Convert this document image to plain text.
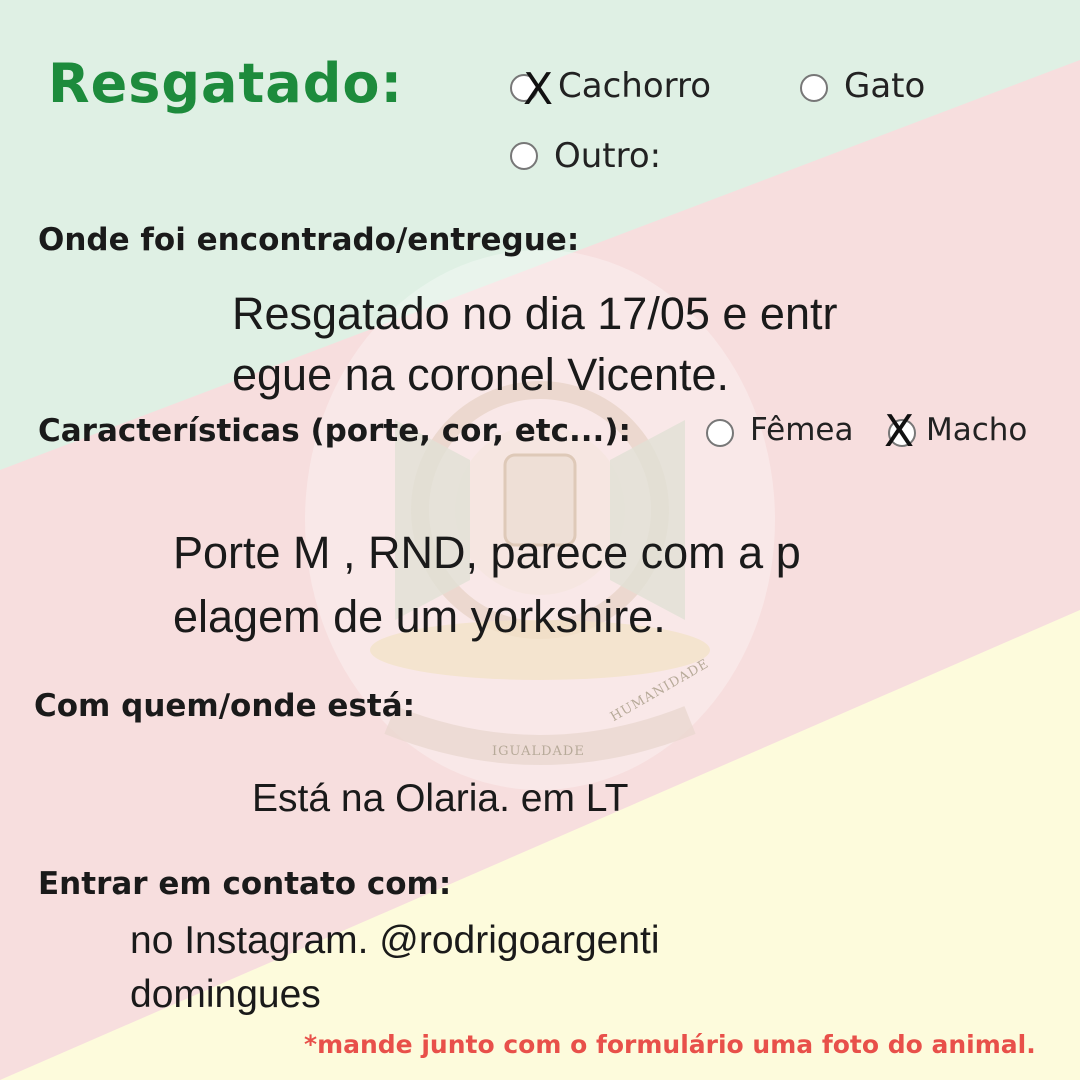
IGUALDADE
HUMANIDADE
Resgatado:	X Cachorro	Gato
Outro:
Onde foi encontrado/entregue:
Resgatado no dia 17/05 e entr
egue na coronel Vicente.
Características (porte, cor, etc...):	Fêmea X Macho
Porte M , RND, parece com a p
elagem de um yorkshire.
Com quem/onde está:
Está na Olaria. em LT
Entrar em contato com:
no Instagram. @rodrigoargenti
domingues
*mande junto com o formulário uma foto do animal.
